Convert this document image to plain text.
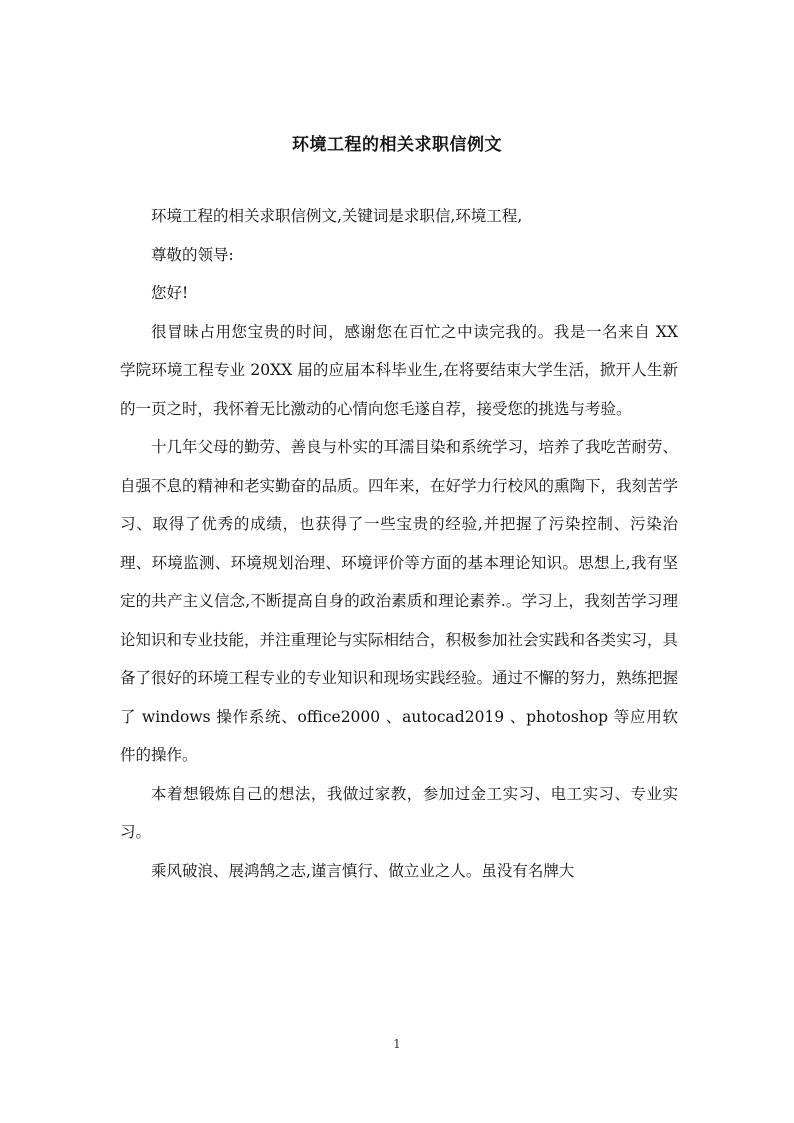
环境工程的相关求职信例文

环境工程的相关求职信例文,关键词是求职信,环境工程,

尊敬的领导:

您好!

很冒昧占用您宝贵的时间，感谢您在百忙之中读完我的。我是一名来自 XX 学院环境工程专业 20XX 届的应届本科毕业生,在将要结束大学生活，掀开人生新的一页之时，我怀着无比激动的心情向您毛遂自荐，接受您的挑选与考验。

十几年父母的勤劳、善良与朴实的耳濡目染和系统学习，培养了我吃苦耐劳、自强不息的精神和老实勤奋的品质。四年来，在好学力行校风的熏陶下，我刻苦学习、取得了优秀的成绩，也获得了一些宝贵的经验,并把握了污染控制、污染治理、环境监测、环境规划治理、环境评价等方面的基本理论知识。思想上,我有坚定的共产主义信念,不断提高自身的政治素质和理论素养.。学习上，我刻苦学习理论知识和专业技能，并注重理论与实际相结合，积极参加社会实践和各类实习，具备了很好的环境工程专业的专业知识和现场实践经验。通过不懈的努力，熟练把握了 windows 操作系统、office2000 、autocad2019 、photoshop 等应用软件的操作。

本着想锻炼自己的想法，我做过家教，参加过金工实习、电工实习、专业实习。

乘风破浪、展鸿鹄之志,谨言慎行、做立业之人。虽没有名牌大

1
